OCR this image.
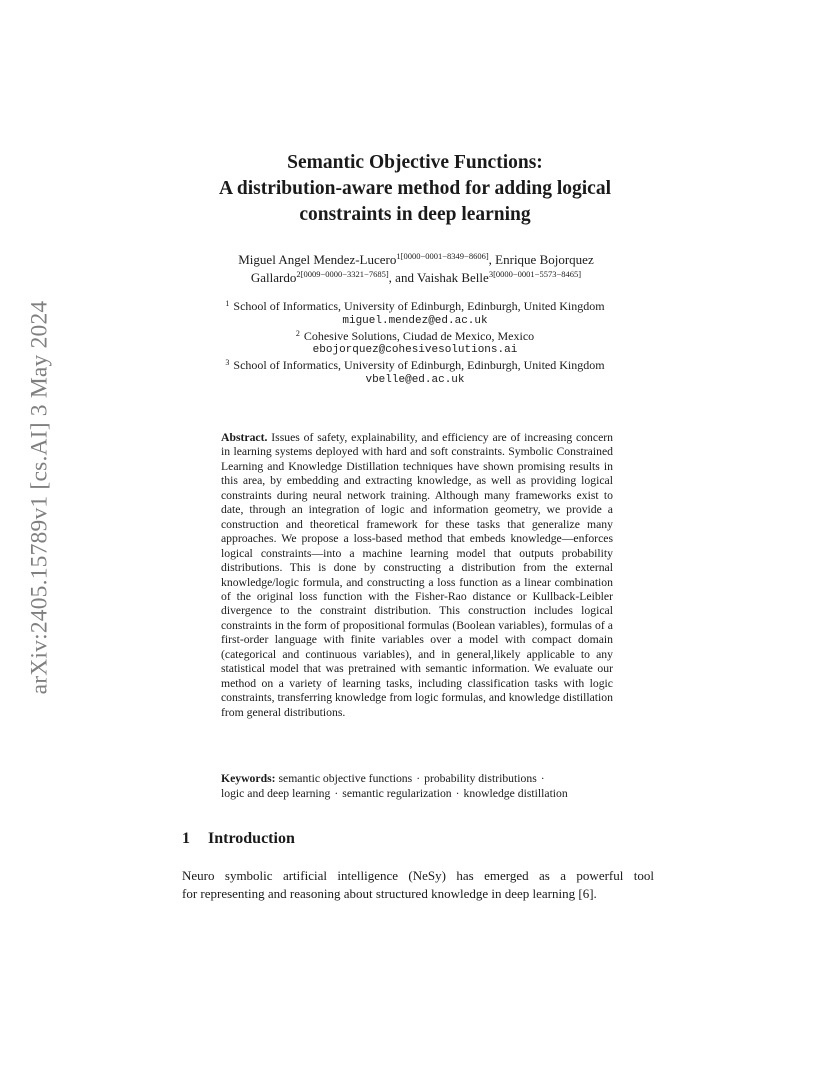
arXiv:2405.15789v1 [cs.AI] 3 May 2024
Semantic Objective Functions:
A distribution-aware method for adding logical
constraints in deep learning
Miguel Angel Mendez-Lucero$^{1[0000-0001-8349-8606]}$, Enrique Bojorquez
Gallardo$^{2[0009-0000-3321-7685]}$, and Vaishak Belle$^{3[0000-0001-5573-8465]}$
$^1$ School of Informatics, University of Edinburgh, Edinburgh, United Kingdom
miguel.mendez@ed.ac.uk
$^2$ Cohesive Solutions, Ciudad de Mexico, Mexico
ebojorquez@cohesivesolutions.ai
$^3$ School of Informatics, University of Edinburgh, Edinburgh, United Kingdom
vbelle@ed.ac.uk
Abstract. Issues of safety, explainability, and efficiency are of increasing concern in learning systems deployed with hard and soft constraints. Symbolic Constrained Learning and Knowledge Distillation techniques have shown promising results in this area, by embedding and extracting knowledge, as well as providing logical constraints during neural network training. Although many frameworks exist to date, through an integration of logic and information geometry, we provide a construction and theoretical framework for these tasks that generalize many approaches. We propose a loss-based method that embeds knowledge—enforces logical constraints—into a machine learning model that outputs probability distributions. This is done by constructing a distribution from the external knowledge/logic formula, and constructing a loss function as a linear combination of the original loss function with the Fisher-Rao distance or Kullback-Leibler divergence to the constraint distribution. This construction includes logical constraints in the form of propositional formulas (Boolean variables), formulas of a first-order language with finite variables over a model with compact domain (categorical and continuous variables), and in general,likely applicable to any statistical model that was pretrained with semantic information. We evaluate our method on a variety of learning tasks, including classification tasks with logic constraints, transferring knowledge from logic formulas, and knowledge distillation from general distributions.
Keywords: semantic objective functions · probability distributions ·
logic and deep learning · semantic regularization · knowledge distillation
1 Introduction
Neuro symbolic artificial intelligence (NeSy) has emerged as a powerful tool
for representing and reasoning about structured knowledge in deep learning [6].
